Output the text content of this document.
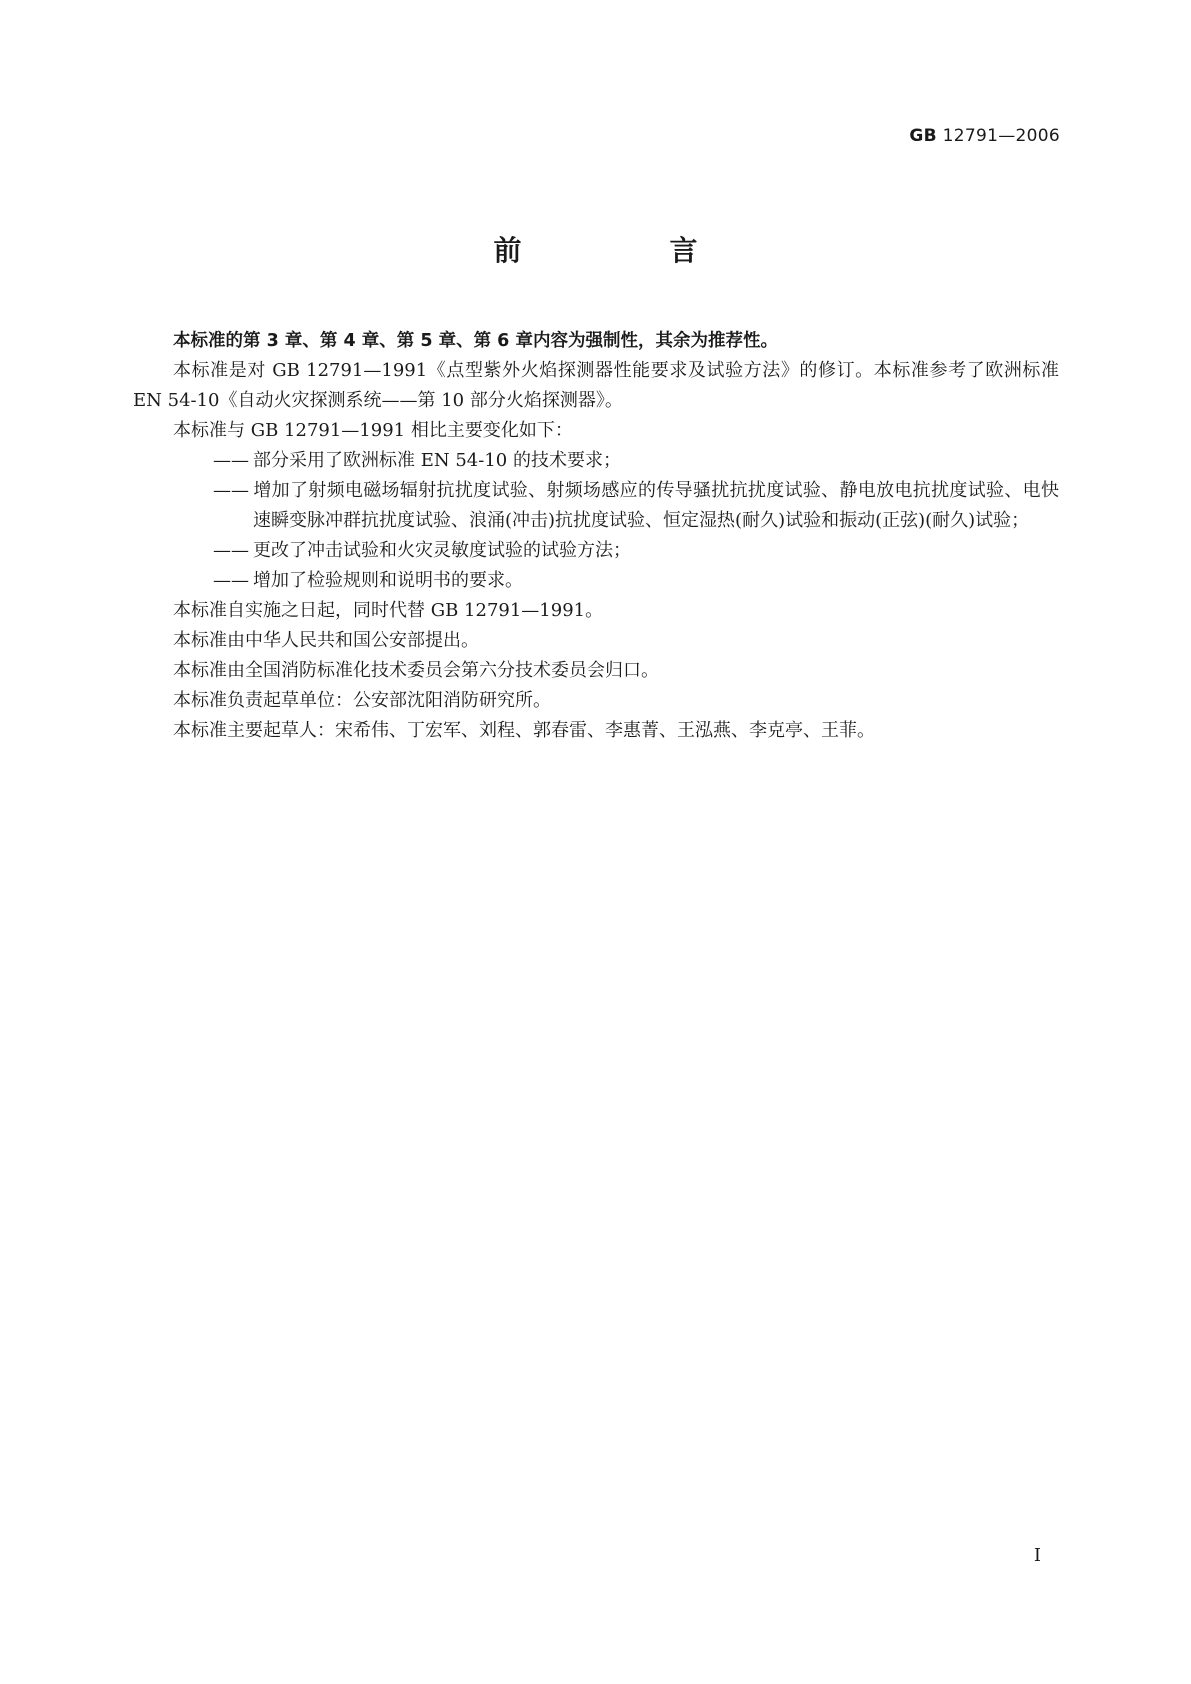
GB 12791—2006
前　言

本标准的第 3 章、第 4 章、第 5 章、第 6 章内容为强制性，其余为推荐性。

本标准是对 GB 12791—1991《点型紫外火焰探测器性能要求及试验方法》的修订。本标准参考了欧洲标准 EN 54-10《自动火灾探测系统——第 10 部分火焰探测器》。

本标准与 GB 12791—1991 相比主要变化如下：

—— 部分采用了欧洲标准 EN 54-10 的技术要求；

—— 增加了射频电磁场辐射抗扰度试验、射频场感应的传导骚扰抗扰度试验、静电放电抗扰度试验、电快速瞬变脉冲群抗扰度试验、浪涌(冲击)抗扰度试验、恒定湿热(耐久)试验和振动(正弦)(耐久)试验；

—— 更改了冲击试验和火灾灵敏度试验的试验方法；

—— 增加了检验规则和说明书的要求。

本标准自实施之日起，同时代替 GB 12791—1991。

本标准由中华人民共和国公安部提出。

本标准由全国消防标准化技术委员会第六分技术委员会归口。

本标准负责起草单位：公安部沈阳消防研究所。

本标准主要起草人：宋希伟、丁宏军、刘程、郭春雷、李惠菁、王泓燕、李克亭、王菲。

I
